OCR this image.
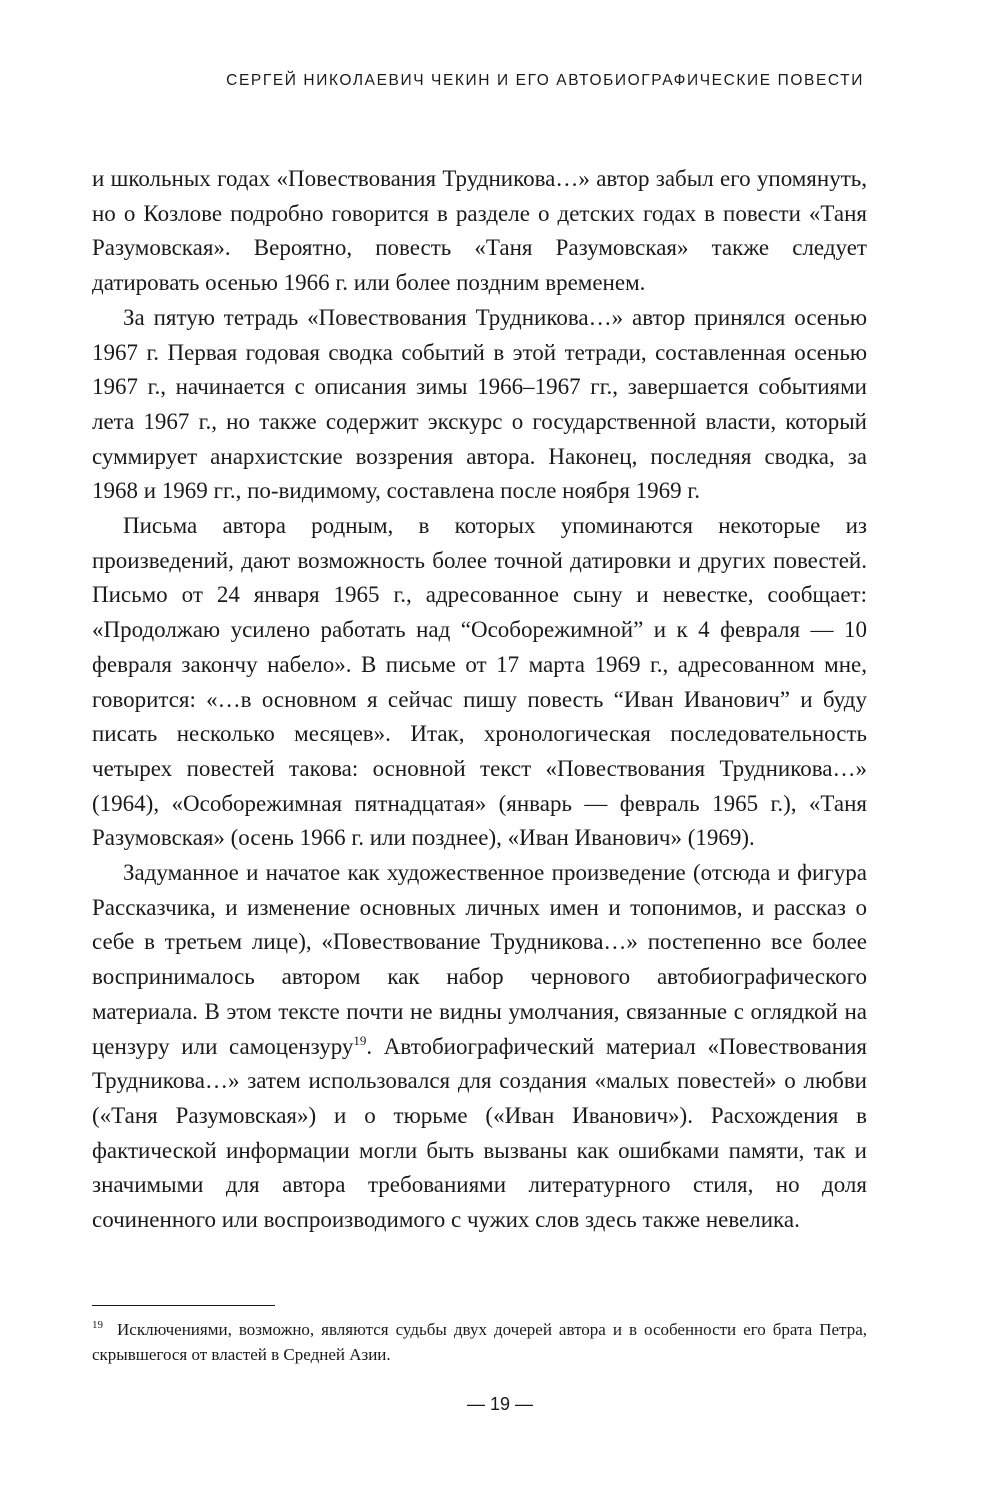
СЕРГЕЙ НИКОЛАЕВИЧ ЧЕКИН И ЕГО АВТОБИОГРАФИЧЕСКИЕ ПОВЕСТИ

и школьных годах «Повествования Трудникова…» автор забыл его упомянуть, но о Козлове подробно говорится в разделе о детских годах в повести «Таня Разумовская». Вероятно, повесть «Таня Разумовская» также следует датировать осенью 1966 г. или более поздним временем.

За пятую тетрадь «Повествования Трудникова…» автор принялся осенью 1967 г. Первая годовая сводка событий в этой тетради, составленная осенью 1967 г., начинается с описания зимы 1966–1967 гг., завершается событиями лета 1967 г., но также содержит экскурс о государственной власти, который суммирует анархистские воззрения автора. Наконец, последняя сводка, за 1968 и 1969 гг., по-видимому, составлена после ноября 1969 г.

Письма автора родным, в которых упоминаются некоторые из произведений, дают возможность более точной датировки и других повестей. Письмо от 24 января 1965 г., адресованное сыну и невестке, сообщает: «Продолжаю усилено работать над “Особорежимной” и к 4 февраля — 10 февраля закончу набело». В письме от 17 марта 1969 г., адресованном мне, говорится: «…в основном я сейчас пишу повесть “Иван Иванович” и буду писать несколько месяцев». Итак, хронологическая последовательность четырех повестей такова: основной текст «Повествования Трудникова…» (1964), «Особорежимная пятнадцатая» (январь — февраль 1965 г.), «Таня Разумовская» (осень 1966 г. или позднее), «Иван Иванович» (1969).

Задуманное и начатое как художественное произведение (отсюда и фигура Рассказчика, и изменение основных личных имен и топонимов, и рассказ о себе в третьем лице), «Повествование Трудникова…» постепенно все более воспринималось автором как набор чернового автобиографического материала. В этом тексте почти не видны умолчания, связанные с оглядкой на цензуру или самоцензуру$^{19}$. Автобиографический материал «Повествования Трудникова…» затем использовался для создания «малых повестей» о любви («Таня Разумовская») и о тюрьме («Иван Иванович»). Расхождения в фактической информации могли быть вызваны как ошибками памяти, так и значимыми для автора требованиями литературного стиля, но доля сочиненного или воспроизводимого с чужих слов здесь также невелика.

$^{19}$ Исключениями, возможно, являются судьбы двух дочерей автора и в особенности его брата Петра, скрывшегося от властей в Средней Азии.

— 19 —
